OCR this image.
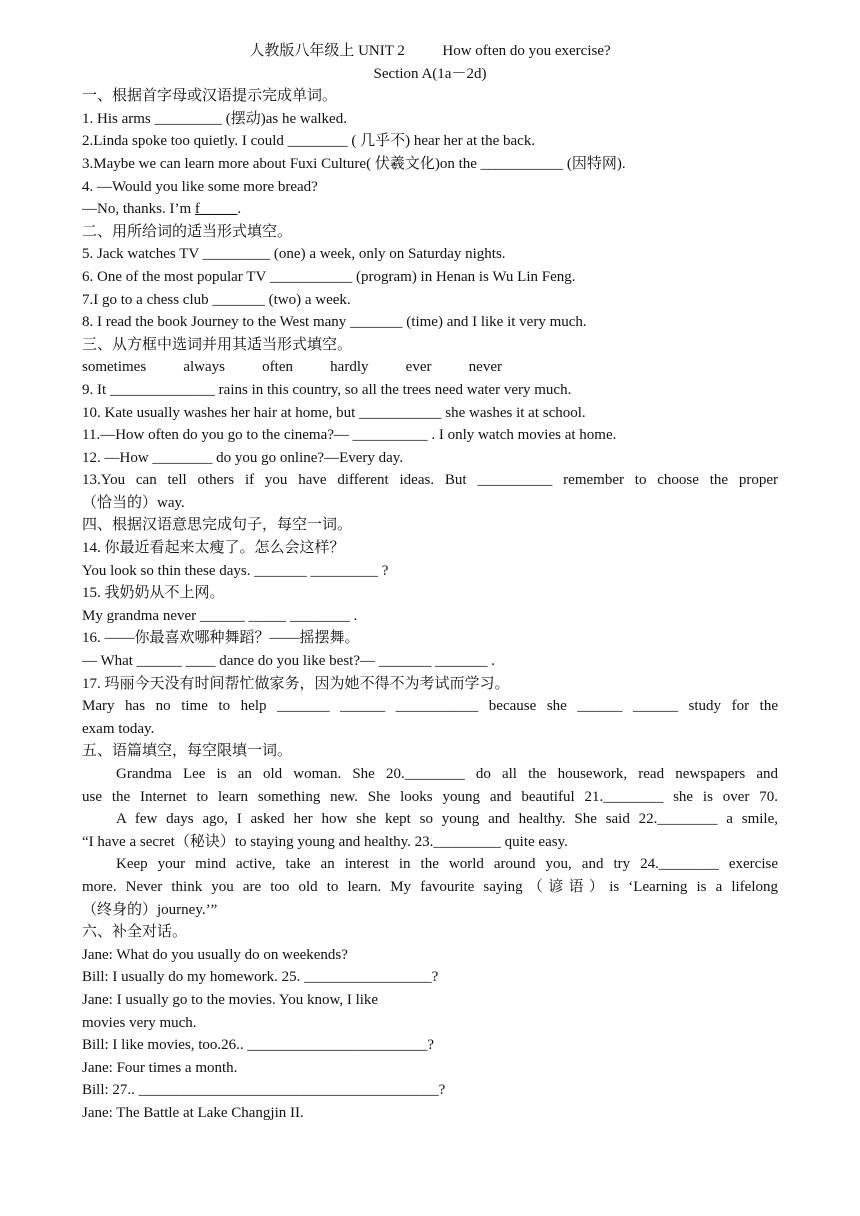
人教版八年级上 UNIT 2          How often do you exercise?
Section A(1a－2d)
一、根据首字母或汉语提示完成单词。
1. His arms _________ (摆动)as he walked.
2.Linda spoke too quietly. I could ________ ( 几乎不) hear her at the back.
3.Maybe we can learn more about Fuxi Culture( 伏羲文化)on the ___________ (因特网).
4. —Would you like some more bread?
—No, thanks. I’m f_____.
二、用所给词的适当形式填空。
5. Jack watches TV _________ (one) a week, only on Saturday nights.
6. One of the most popular TV ___________ (program) in Henan is Wu Lin Feng.
7.I go to a chess club _______ (two) a week.
8. I read the book Journey to the West many _______ (time) and I like it very much.
三、从方框中选词并用其适当形式填空。
sometimes always often hardly ever never
9. It ______________ rains in this country, so all the trees need water very much.
10. Kate usually washes her hair at home, but ___________ she washes it at school.
11.—How often do you go to the cinema?— __________ . I only watch movies at home.
12. —How ________ do you go online?—Every day.
13.You can tell others if you have different ideas. But __________ remember to choose the proper
（恰当的）way.
四、根据汉语意思完成句子，每空一词。
14. 你最近看起来太瘦了。怎么会这样？
You look so thin these days. _______ _________ ?
15. 我奶奶从不上网。
My grandma never ______ _____ ________ .
16. ——你最喜欢哪种舞蹈？——摇摆舞。
— What ______ ____ dance do you like best?— _______ _______ .
17. 玛丽今天没有时间帮忙做家务，因为她不得不为考试而学习。
Mary has no time to help _______ ______ ___________ because she ______ ______ study for the
exam today.
五、语篇填空，每空限填一词。
Grandma Lee is an old woman. She 20.________ do all the housework, read newspapers and
use the Internet to learn something new. She looks young and beautiful 21.________ she is over 70.
A few days ago, I asked her how she kept so young and healthy. She said 22.________ a smile,
“I have a secret（秘诀）to staying young and healthy. 23._________ quite easy.
Keep your mind active, take an interest in the world around you, and try 24.________ exercise
more. Never think you are too old to learn. My favourite saying（谚语）is ‘Learning is a lifelong
（终身的）journey.’”
六、补全对话。
Jane: What do you usually do on weekends?
Bill: I usually do my homework. 25. _________________?
Jane: I usually go to the movies. You know, I like
movies very much.
Bill: I like movies, too.26.. ________________________?
Jane: Four times a month.
Bill: 27.. ________________________________________?
Jane: The Battle at Lake Changjin II.
